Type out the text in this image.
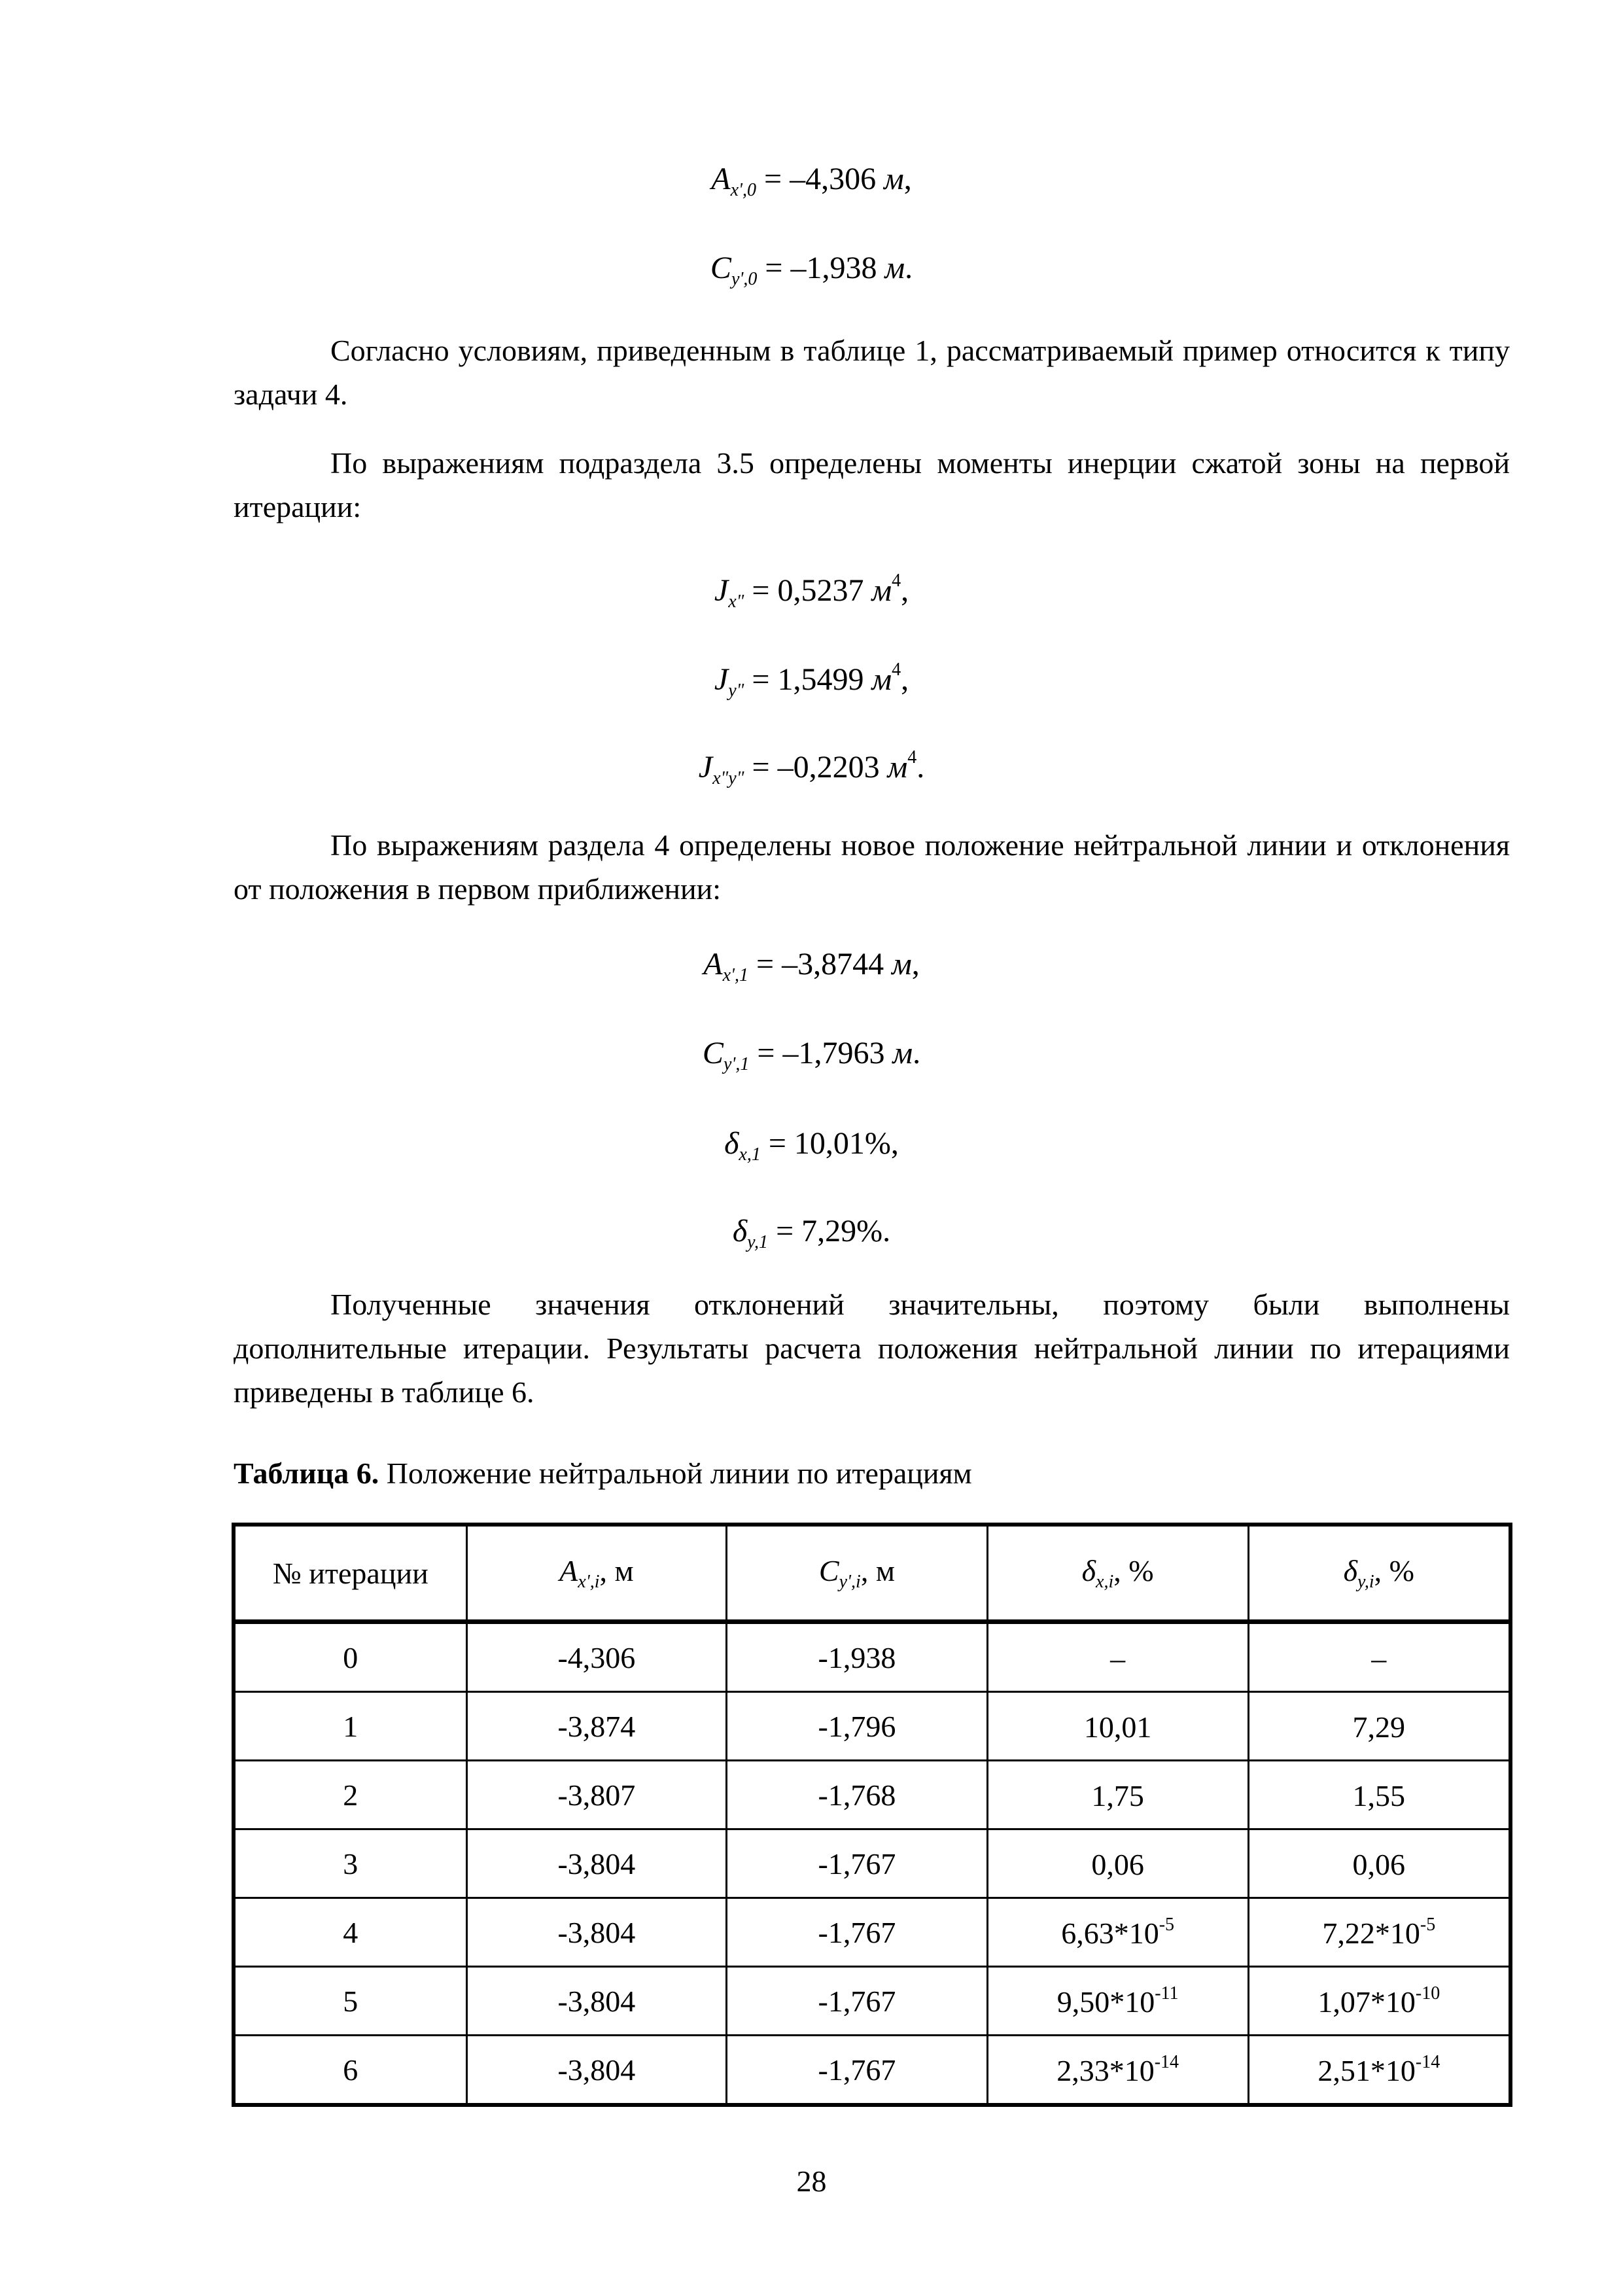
$A_{x',0} = -4,306$ м,
$C_{y',0} = -1,938$ м.

Согласно условиям, приведенным в таблице 1, рассматриваемый пример относится к типу задачи 4.

По выражениям подраздела 3.5 определены моменты инерции сжатой зоны на первой итерации:

$J_{x"} = 0,5237$ $м^4$,
$J_{y"} = 1,5499$ $м^4$,
$J_{x"y"} = -0,2203$ $м^4$.

По выражениям раздела 4 определены новое положение нейтральной линии и отклонения от положения в первом приближении:

$A_{x',1} = -3,8744$ м,
$C_{y',1} = -1,7963$ м.
$\delta_{x,1} = 10,01\%$,
$\delta_{y,1} = 7,29\%$.

Полученные значения отклонений значительны, поэтому были выполнены дополнительные итерации. Результаты расчета положения нейтральной линии по итерациями приведены в таблице 6.

Таблица 6. Положение нейтральной линии по итерациям
№ итерации	$A_{x',i}$, м	$C_{y',i}$, м	$\delta_{x,i}$, %	$\delta_{y,i}$, %
0	-4,306	-1,938	–	–
1	-3,874	-1,796	10,01	7,29
2	-3,807	-1,768	1,75	1,55
3	-3,804	-1,767	0,06	0,06
4	-3,804	-1,767	$6,63*10^{-5}$	$7,22*10^{-5}$
5	-3,804	-1,767	$9,50*10^{-11}$	$1,07*10^{-10}$
6	-3,804	-1,767	$2,33*10^{-14}$	$2,51*10^{-14}$
28
